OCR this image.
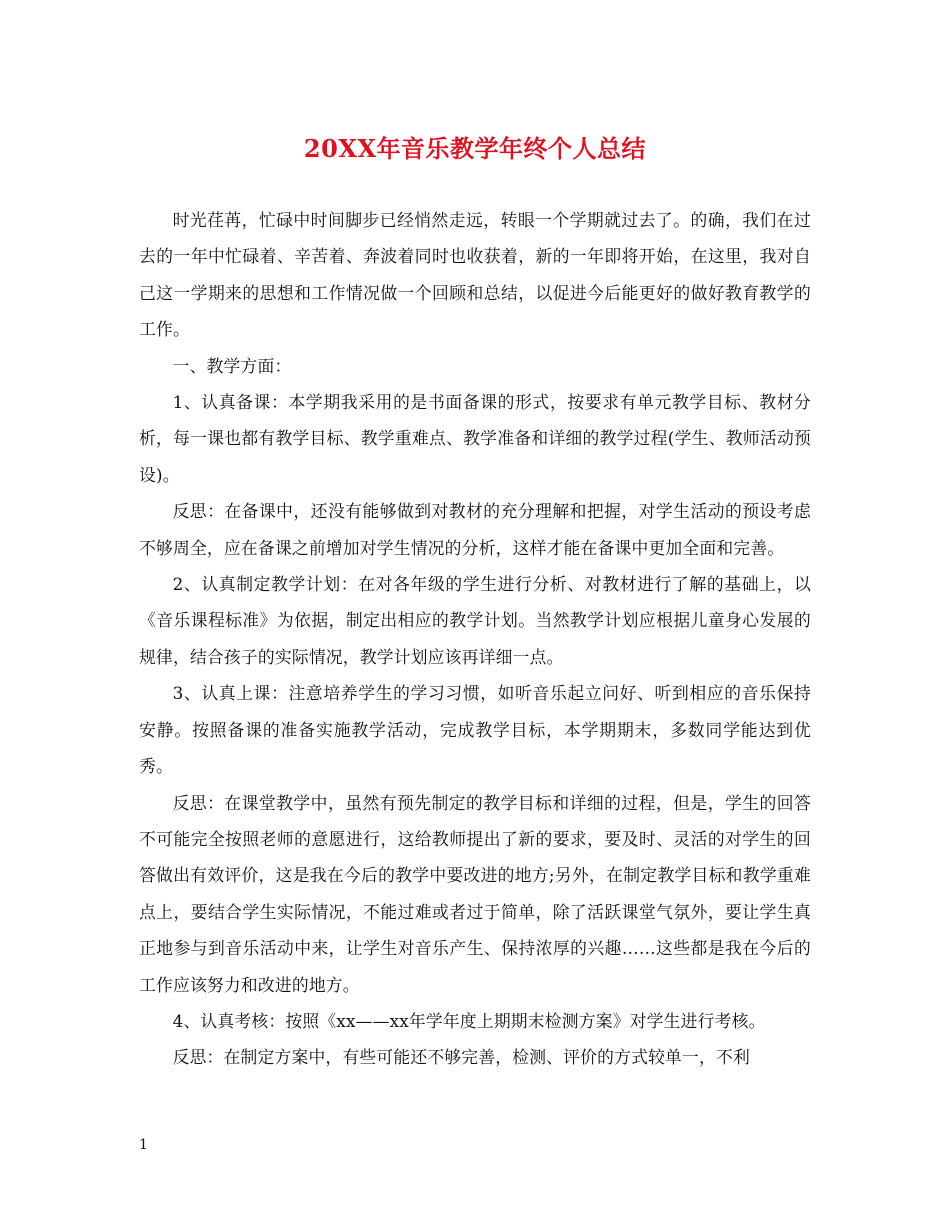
20XX年音乐教学年终个人总结

时光荏苒，忙碌中时间脚步已经悄然走远，转眼一个学期就过去了。的确，我们在过去的一年中忙碌着、辛苦着、奔波着同时也收获着，新的一年即将开始，在这里，我对自己这一学期来的思想和工作情况做一个回顾和总结，以促进今后能更好的做好教育教学的工作。

一、教学方面：

1、认真备课：本学期我采用的是书面备课的形式，按要求有单元教学目标、教材分析，每一课也都有教学目标、教学重难点、教学准备和详细的教学过程(学生、教师活动预设)。

反思：在备课中，还没有能够做到对教材的充分理解和把握，对学生活动的预设考虑不够周全，应在备课之前增加对学生情况的分析，这样才能在备课中更加全面和完善。

2、认真制定教学计划：在对各年级的学生进行分析、对教材进行了解的基础上，以《音乐课程标准》为依据，制定出相应的教学计划。当然教学计划应根据儿童身心发展的规律，结合孩子的实际情况，教学计划应该再详细一点。

3、认真上课：注意培养学生的学习习惯，如听音乐起立问好、听到相应的音乐保持安静。按照备课的准备实施教学活动，完成教学目标，本学期期末，多数同学能达到优秀。

反思：在课堂教学中，虽然有预先制定的教学目标和详细的过程，但是，学生的回答不可能完全按照老师的意愿进行，这给教师提出了新的要求，要及时、灵活的对学生的回答做出有效评价，这是我在今后的教学中要改进的地方;另外，在制定教学目标和教学重难点上，要结合学生实际情况，不能过难或者过于简单，除了活跃课堂气氛外，要让学生真正地参与到音乐活动中来，让学生对音乐产生、保持浓厚的兴趣……这些都是我在今后的工作应该努力和改进的地方。

4、认真考核：按照《xx——xx年学年度上期期末检测方案》对学生进行考核。

反思：在制定方案中，有些可能还不够完善，检测、评价的方式较单一，不利

1
